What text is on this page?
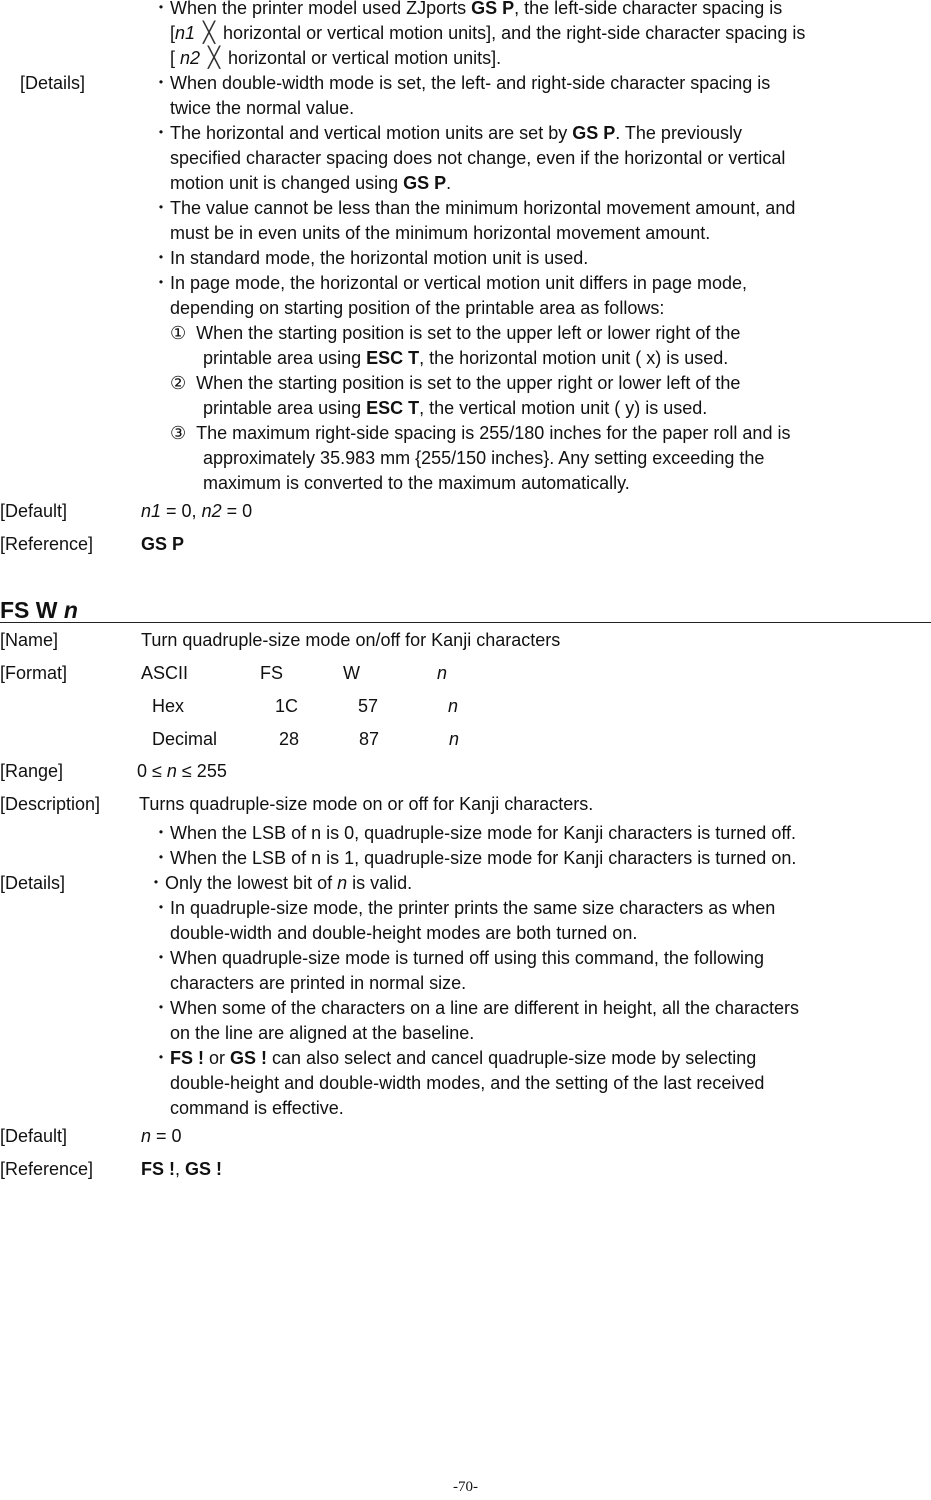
・When the printer model used ZJports GS P, the left-side character spacing is
[n1 ╳ horizontal or vertical motion units], and the right-side character spacing is
[ n2 ╳ horizontal or vertical motion units].
[Details]	・When double-width mode is set, the left- and right-side character spacing is
twice the normal value.
・The horizontal and vertical motion units are set by GS P. The previously
specified character spacing does not change, even if the horizontal or vertical
motion unit is changed using GS P.
・The value cannot be less than the minimum horizontal movement amount, and
must be in even units of the minimum horizontal movement amount.
・In standard mode, the horizontal motion unit is used.
・In page mode, the horizontal or vertical motion unit differs in page mode,
depending on starting position of the printable area as follows:
① When the starting position is set to the upper left or lower right of the
printable area using ESC T, the horizontal motion unit ( x) is used.
② When the starting position is set to the upper right or lower left of the
printable area using ESC T, the vertical motion unit ( y) is used.
③ The maximum right-side spacing is 255/180 inches for the paper roll and is
approximately 35.983 mm {255/150 inches}. Any setting exceeding the
maximum is converted to the maximum automatically.
[Default]	n1 = 0, n2 = 0
[Reference]	GS P
FS W n
[Name]	Turn quadruple-size mode on/off for Kanji characters
[Format]	ASCII	FS	W	n
Hex	1C	57	n
Decimal	28	87	n
[Range]	0 ≤ n ≤ 255
[Description] Turns quadruple-size mode on or off for Kanji characters.
・When the LSB of n is 0, quadruple-size mode for Kanji characters is turned off.
・When the LSB of n is 1, quadruple-size mode for Kanji characters is turned on.
[Details]	・Only the lowest bit of n is valid.
・In quadruple-size mode, the printer prints the same size characters as when
double-width and double-height modes are both turned on.
・When quadruple-size mode is turned off using this command, the following
characters are printed in normal size.
・When some of the characters on a line are different in height, all the characters
on the line are aligned at the baseline.
・FS ! or GS ! can also select and cancel quadruple-size mode by selecting
double-height and double-width modes, and the setting of the last received
command is effective.
[Default]	n = 0
[Reference]	FS !, GS !
-70-
